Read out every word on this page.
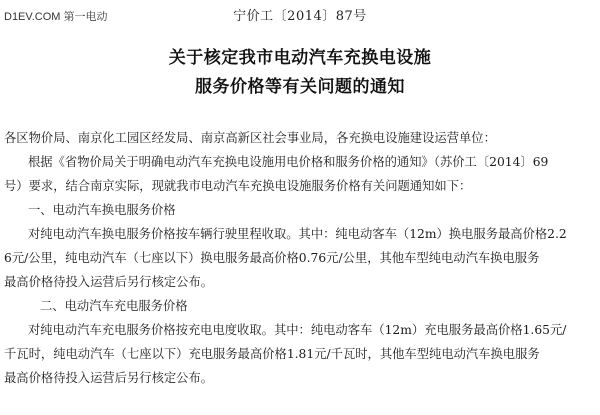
D1EV.COM 第一电动	宁价工〔2014〕87号
关于核定我市电动汽车充换电设施
服务价格等有关问题的通知

各区物价局、南京化工园区经发局、南京高新区社会事业局，各充换电设施建设运营单位：

根据《省物价局关于明确电动汽车充换电设施用电价格和服务价格的通知》（苏价工〔2014〕69

号）要求，结合南京实际，现就我市电动汽车充换电设施服务价格有关问题通知如下：

一、电动汽车换电服务价格

对纯电动汽车换电服务价格按车辆行驶里程收取。其中：纯电动客车（12m）换电服务最高价格2.2

6元/公里，纯电动汽车（七座以下）换电服务最高价格0.76元/公里，其他车型纯电动汽车换电服务

最高价格待投入运营后另行核定公布。

二、电动汽车充电服务价格

对纯电动汽车充电服务价格按充电电度收取。其中：纯电动客车（12m）充电服务最高价格1.65元/

千瓦时，纯电动汽车（七座以下）充电服务最高价格1.81元/千瓦时，其他车型纯电动汽车换电服务

最高价格待投入运营后另行核定公布。
